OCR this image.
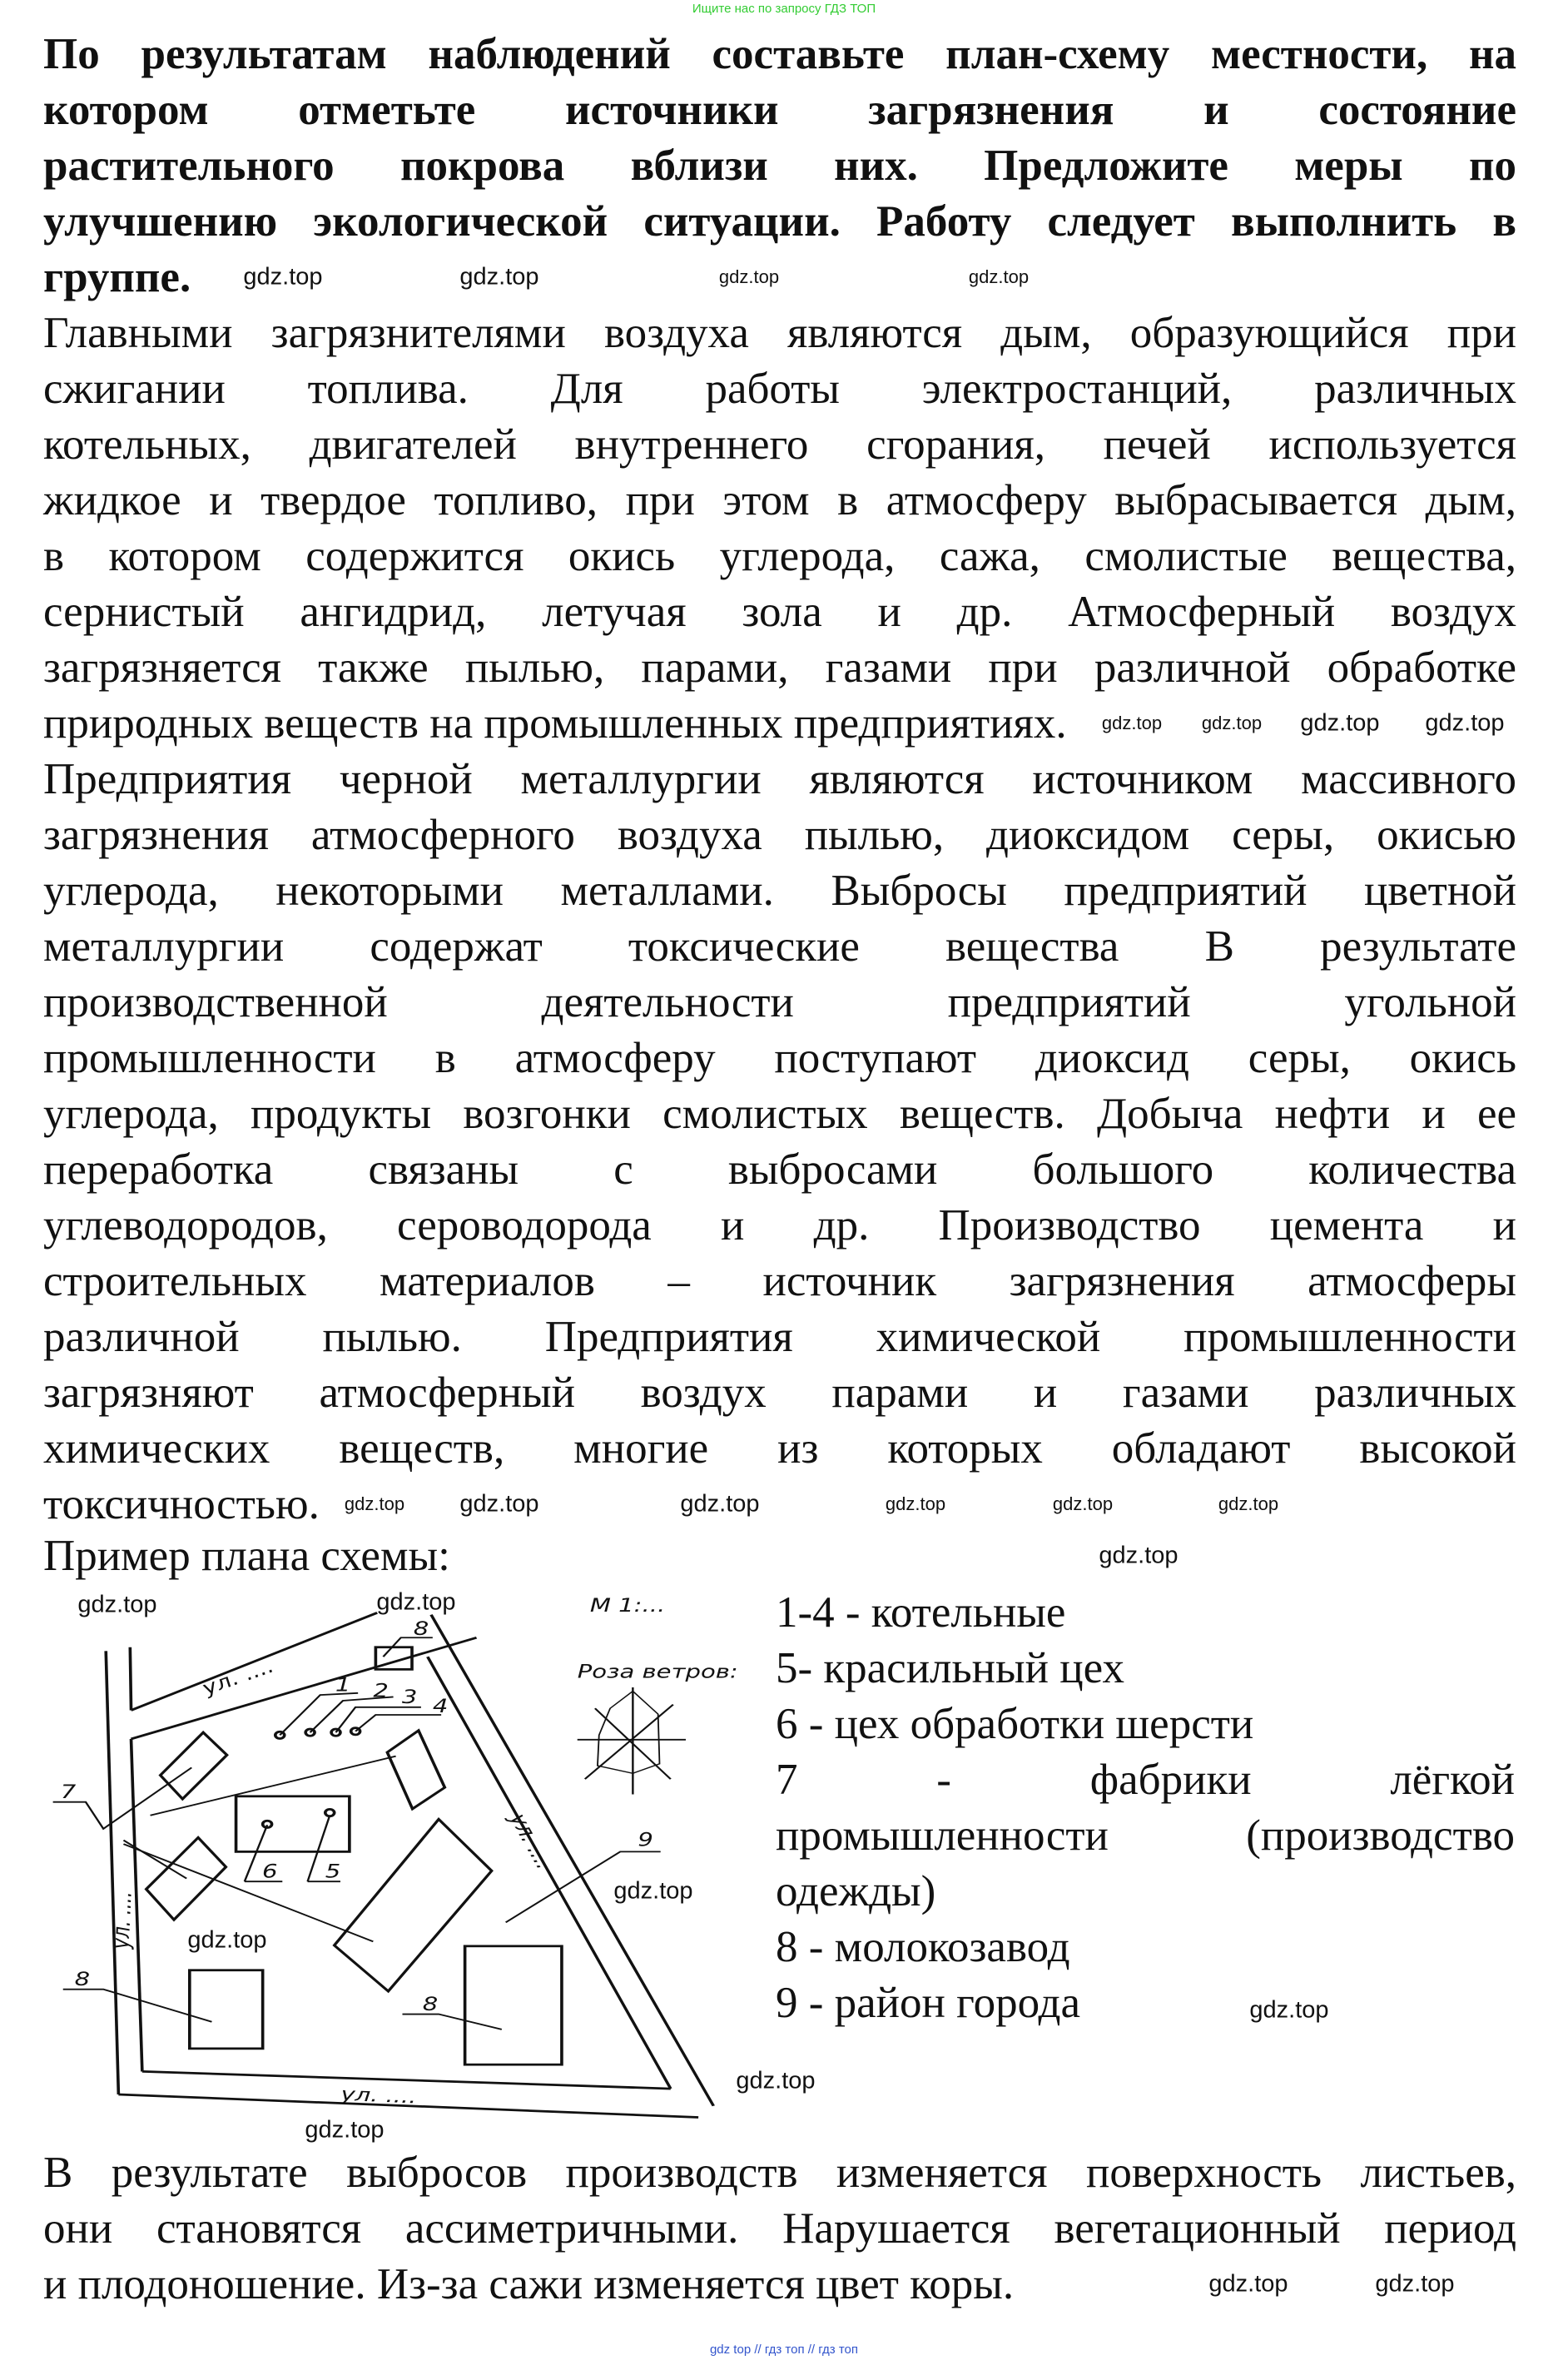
Ищите нас по запросу ГДЗ ТОП
По результатам наблюдений составьте план-схему местности, на
котором отметьте источники загрязнения и состояние
растительного покрова вблизи них. Предложите меры по
улучшению экологической ситуации. Работу следует выполнить в
группе.
Главными загрязнителями воздуха являются дым, образующийся при
сжигании топлива. Для работы электростанций, различных
котельных, двигателей внутреннего сгорания, печей используется
жидкое и твердое топливо, при этом в атмосферу выбрасывается дым,
в котором содержится окись углерода, сажа, смолистые вещества,
сернистый ангидрид, летучая зола и др. Атмосферный воздух
загрязняется также пылью, парами, газами при различной обработке
природных веществ на промышленных предприятиях.
Предприятия черной металлургии являются источником массивного
загрязнения атмосферного воздуха пылью, диоксидом серы, окисью
углерода, некоторыми металлами. Выбросы предприятий цветной
металлургии содержат токсические вещества В результате
производственной деятельности предприятий угольной
промышленности в атмосферу поступают диоксид серы, окись
углерода, продукты возгонки смолистых веществ. Добыча нефти и ее
переработка связаны с выбросами большого количества
углеводородов, сероводорода и др. Производство цемента и
строительных материалов – источник загрязнения атмосферы
различной пылью. Предприятия химической промышленности
загрязняют атмосферный воздух парами и газами различных
химических веществ, многие из которых обладают высокой
токсичностью.
Пример плана схемы:
М 1:...
Роза ветров:
ул. ....
ул. ....
ул. ....
ул. ....
1 2 3 4
5
6
7
8
8
8
9
1-4 - котельные
5- красильный цех
6 - цех обработки шерсти
7 - фабрики лёгкой
промышленности (производство
одежды)
8 - молокозавод
9 - район города
В результате выбросов производств изменяется поверхность листьев,
они становятся ассиметричными. Нарушается вегетационный период
и плодоношение. Из-за сажи изменяется цвет коры.
gdz.top	gdz.top	gdz.top	gdz.top
gdz.top gdz.top gdz.top gdz.top
gdz.top
gdz.top
gdz.top	gdz.top	gdz.top
gdz.top
gdz.top
gdz.top	gdz.top
gdz.top
gdz.top
gdz.top
gdz.top
gdz.top
gdz.top	gdz.top
gdz top // гдз топ // гдз топ
